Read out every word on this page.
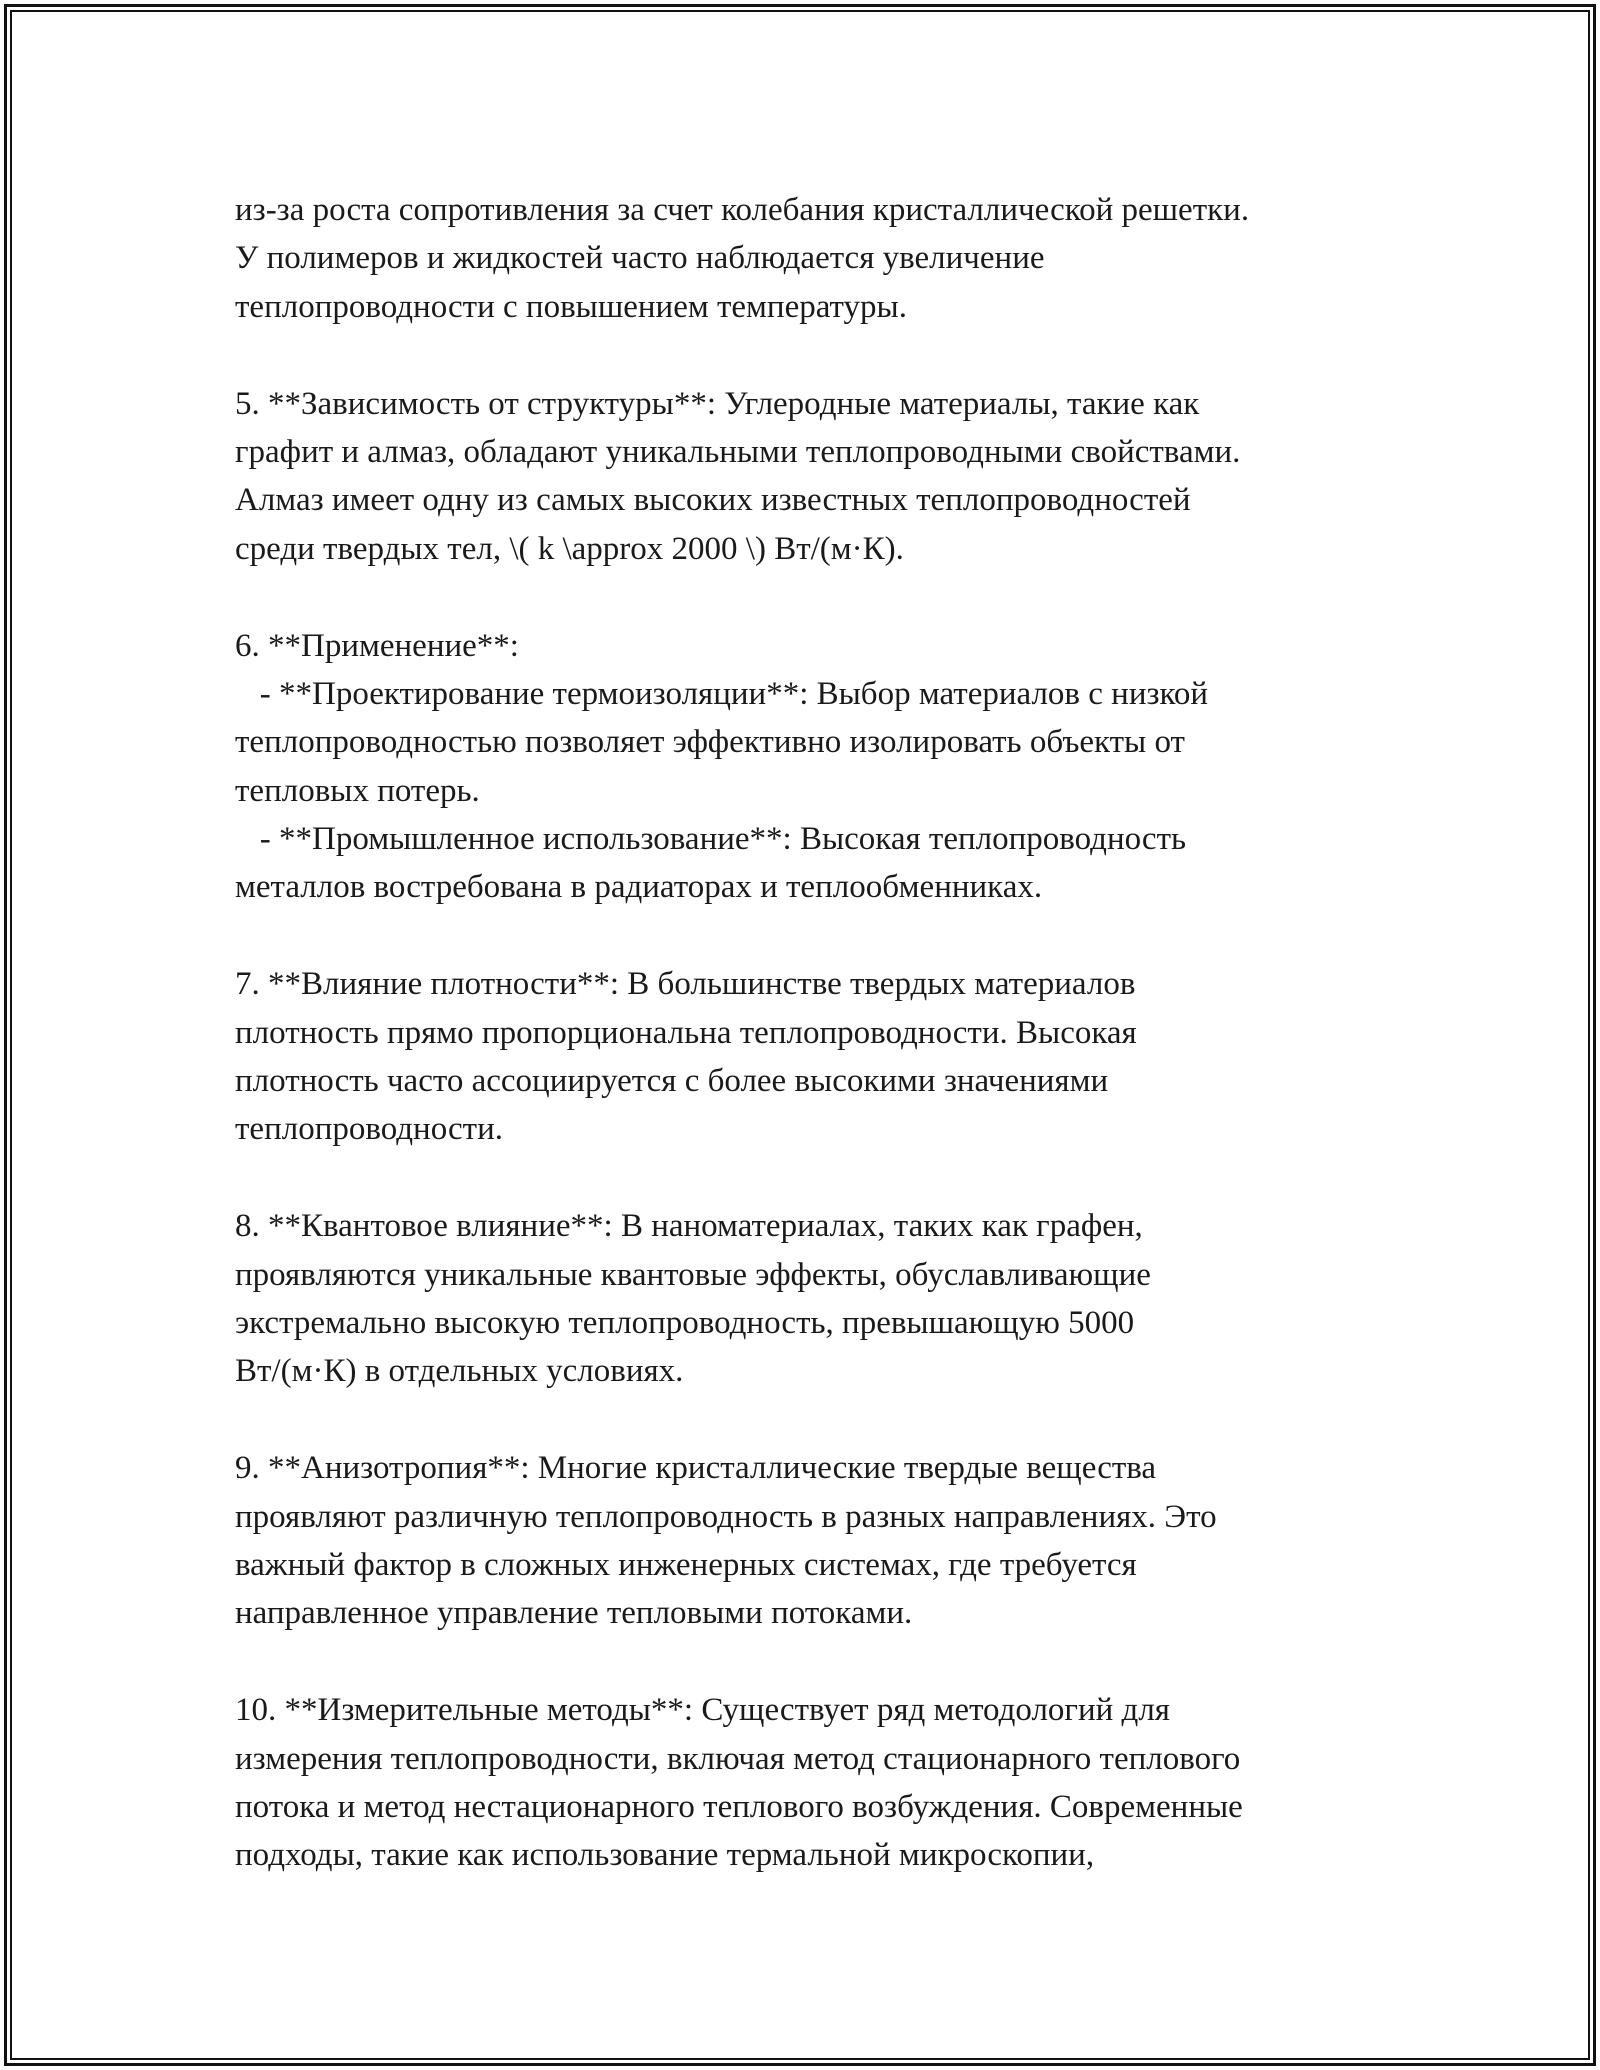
из-за роста сопротивления за счет колебания кристаллической решетки.
У полимеров и жидкостей часто наблюдается увеличение
теплопроводности с повышением температуры.
5. **Зависимость от структуры**: Углеродные материалы, такие как
графит и алмаз, обладают уникальными теплопроводными свойствами.
Алмаз имеет одну из самых высоких известных теплопроводностей
среди твердых тел, \( k \approx 2000 \) Вт/(м·К).
6. **Применение**:
- **Проектирование термоизоляции**: Выбор материалов с низкой
теплопроводностью позволяет эффективно изолировать объекты от
тепловых потерь.
- **Промышленное использование**: Высокая теплопроводность
металлов востребована в радиаторах и теплообменниках.
7. **Влияние плотности**: В большинстве твердых материалов
плотность прямо пропорциональна теплопроводности. Высокая
плотность часто ассоциируется с более высокими значениями
теплопроводности.
8. **Квантовое влияние**: В наноматериалах, таких как графен,
проявляются уникальные квантовые эффекты, обуславливающие
экстремально высокую теплопроводность, превышающую 5000
Вт/(м·К) в отдельных условиях.
9. **Анизотропия**: Многие кристаллические твердые вещества
проявляют различную теплопроводность в разных направлениях. Это
важный фактор в сложных инженерных системах, где требуется
направленное управление тепловыми потоками.
10. **Измерительные методы**: Существует ряд методологий для
измерения теплопроводности, включая метод стационарного теплового
потока и метод нестационарного теплового возбуждения. Современные
подходы, такие как использование термальной микроскопии,
